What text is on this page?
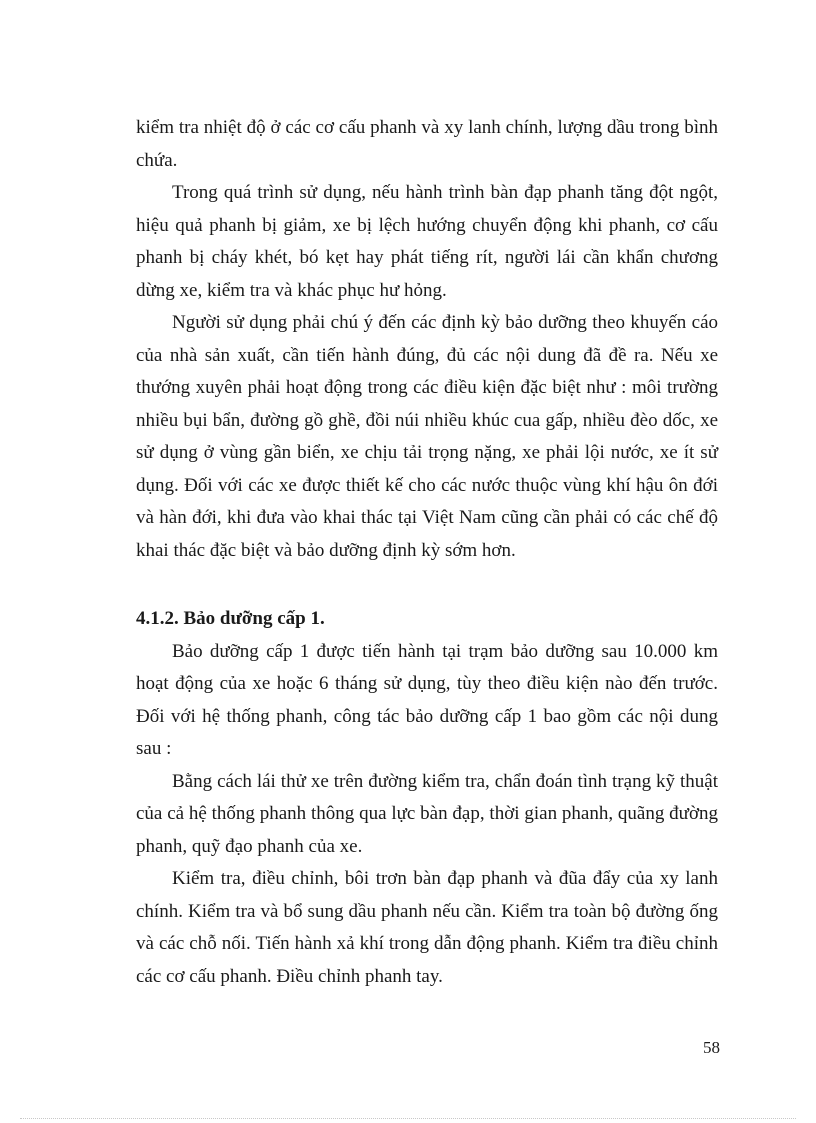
kiểm tra nhiệt độ ở các cơ cấu phanh và xy lanh chính, lượng dầu trong bình chứa.

Trong quá trình sử dụng, nếu hành trình bàn đạp phanh tăng đột ngột, hiệu quả phanh bị giảm, xe bị lệch hướng chuyển động khi phanh, cơ cấu phanh bị cháy khét, bó kẹt hay phát tiếng rít, người lái cần khẩn chương dừng xe, kiểm tra và khác phục hư hỏng.

Người sử dụng phải chú ý đến các định kỳ bảo dưỡng theo khuyến cáo của nhà sản xuất, cần tiến hành đúng, đủ các nội dung đã đề ra. Nếu xe thướng xuyên phải hoạt động trong các điều kiện đặc biệt như : môi trường nhiều bụi bẩn, đường gồ ghề, đồi núi nhiều khúc cua gấp, nhiều đèo dốc, xe sử dụng ở vùng gần biển, xe chịu tải trọng nặng, xe phải lội nước, xe ít sử dụng. Đối với các xe được thiết kế cho các nước thuộc vùng khí hậu ôn đới và hàn đới, khi đưa vào khai thác tại Việt Nam cũng cần phải có các chế độ khai thác đặc biệt và bảo dưỡng định kỳ sớm hơn.

4.1.2. Bảo dưỡng cấp 1.

Bảo dưỡng cấp 1 được tiến hành tại trạm bảo dưỡng sau 10.000 km hoạt động của xe hoặc 6 tháng sử dụng, tùy theo điều kiện nào đến trước. Đối với hệ thống phanh, công tác bảo dưỡng cấp 1 bao gồm các nội dung sau :

Bằng cách lái thử xe trên đường kiểm tra, chẩn đoán tình trạng kỹ thuật của cả hệ thống phanh thông qua lực bàn đạp, thời gian phanh, quãng đường phanh, quỹ đạo phanh của xe.

Kiểm tra, điều chỉnh, bôi trơn bàn đạp phanh và đũa đẩy của xy lanh chính. Kiểm tra và bổ sung dầu phanh nếu cần. Kiểm tra toàn bộ đường ống và các chỗ nối. Tiến hành xả khí trong dẫn động phanh. Kiểm tra điều chỉnh các cơ cấu phanh. Điều chỉnh phanh tay.

58
